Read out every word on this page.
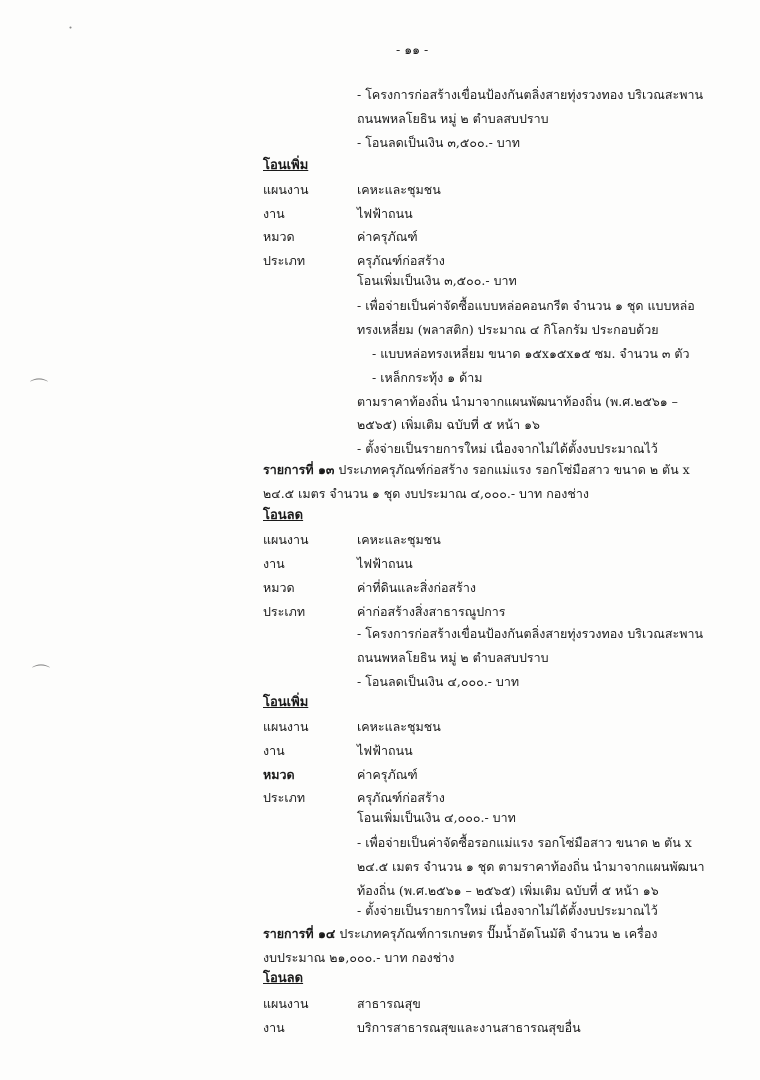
˙
⌒
⌒
- ๑๑ -
- โครงการก่อสร้างเขื่อนป้องกันตลิ่งสายทุ่งรวงทอง บริเวณสะพาน
ถนนพหลโยธิน หมู่ ๒ ตำบลสบปราบ
- โอนลดเป็นเงิน ๓,๕๐๐.- บาท
โอนเพิ่ม
แผนงาน	เคหะและชุมชน
งาน	ไฟฟ้าถนน
หมวด	ค่าครุภัณฑ์
ประเภท	ครุภัณฑ์ก่อสร้าง
โอนเพิ่มเป็นเงิน ๓,๕๐๐.- บาท
- เพื่อจ่ายเป็นค่าจัดซื้อแบบหล่อคอนกรีต จำนวน ๑ ชุด แบบหล่อ
ทรงเหลี่ยม (พลาสติก) ประมาณ ๔ กิโลกรัม ประกอบด้วย
- แบบหล่อทรงเหลี่ยม ขนาด ๑๕x๑๕x๑๕ ซม. จำนวน ๓ ตัว
- เหล็กกระทุ้ง ๑ ด้าม
ตามราคาท้องถิ่น นำมาจากแผนพัฒนาท้องถิ่น (พ.ศ.๒๕๖๑ –
๒๕๖๕) เพิ่มเติม ฉบับที่ ๕ หน้า ๑๖
- ตั้งจ่ายเป็นรายการใหม่ เนื่องจากไม่ได้ตั้งงบประมาณไว้
รายการที่ ๑๓ ประเภทครุภัณฑ์ก่อสร้าง รอกแม่แรง รอกโซ่มือสาว ขนาด ๒ ตัน x
๒๔.๕ เมตร จำนวน ๑ ชุด งบประมาณ ๔,๐๐๐.- บาท กองช่าง
โอนลด
แผนงาน	เคหะและชุมชน
งาน	ไฟฟ้าถนน
หมวด	ค่าที่ดินและสิ่งก่อสร้าง
ประเภท	ค่าก่อสร้างสิ่งสาธารณูปการ
- โครงการก่อสร้างเขื่อนป้องกันตลิ่งสายทุ่งรวงทอง บริเวณสะพาน
ถนนพหลโยธิน หมู่ ๒ ตำบลสบปราบ
- โอนลดเป็นเงิน ๔,๐๐๐.- บาท
โอนเพิ่ม
แผนงาน	เคหะและชุมชน
งาน	ไฟฟ้าถนน
หมวด	ค่าครุภัณฑ์
ประเภท	ครุภัณฑ์ก่อสร้าง
โอนเพิ่มเป็นเงิน ๔,๐๐๐.- บาท
- เพื่อจ่ายเป็นค่าจัดซื้อรอกแม่แรง รอกโซ่มือสาว ขนาด ๒ ตัน x
๒๔.๕ เมตร จำนวน ๑ ชุด ตามราคาท้องถิ่น นำมาจากแผนพัฒนา
ท้องถิ่น (พ.ศ.๒๕๖๑ – ๒๕๖๕) เพิ่มเติม ฉบับที่ ๕ หน้า ๑๖
- ตั้งจ่ายเป็นรายการใหม่ เนื่องจากไม่ได้ตั้งงบประมาณไว้
รายการที่ ๑๔ ประเภทครุภัณฑ์การเกษตร ปั๊มน้ำอัตโนมัติ จำนวน ๒ เครื่อง
งบประมาณ ๒๑,๐๐๐.- บาท กองช่าง
โอนลด
แผนงาน	สาธารณสุข
งาน	บริการสาธารณสุขและงานสาธารณสุขอื่น
